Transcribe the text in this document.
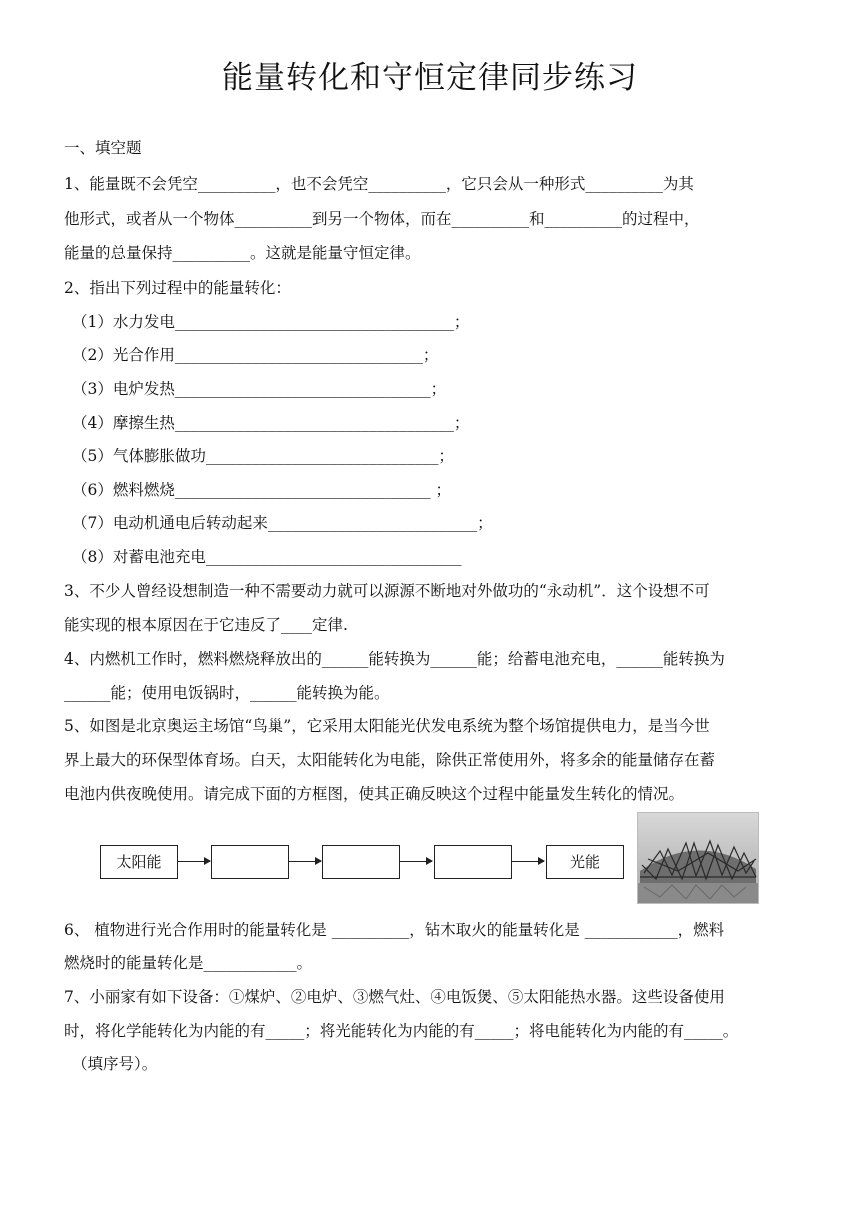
能量转化和守恒定律同步练习
一、填空题
1、能量既不会凭空__________，也不会凭空__________，它只会从一种形式__________为其
他形式，或者从一个物体__________到另一个物体，而在__________和__________的过程中，
能量的总量保持__________。这就是能量守恒定律。
2、指出下列过程中的能量转化：
（1）水力发电____________________________________；
（2）光合作用________________________________；
（3）电炉发热_________________________________；
（4）摩擦生热____________________________________；
（5）气体膨胀做功______________________________；
（6）燃料燃烧_________________________________ ；
（7）电动机通电后转动起来___________________________；
（8）对蓄电池充电_________________________________
3、不少人曾经设想制造一种不需要动力就可以源源不断地对外做功的“永动机”．这个设想不可
能实现的根本原因在于它违反了____定律.
4、内燃机工作时，燃料燃烧释放出的______能转换为______能；给蓄电池充电，______能转换为
______能；使用电饭锅时，______能转换为能。
5、如图是北京奥运主场馆“鸟巢”，它采用太阳能光伏发电系统为整个场馆提供电力，是当今世
界上最大的环保型体育场。白天，太阳能转化为电能，除供正常使用外，将多余的能量储存在蓄
电池内供夜晚使用。请完成下面的方框图，使其正确反映这个过程中能量发生转化的情况。
太阳能	光能
6、 植物进行光合作用时的能量转化是 __________，钻木取火的能量转化是 ____________，燃料
燃烧时的能量转化是____________。
7、小丽家有如下设备：①煤炉、②电炉、③燃气灶、④电饭煲、⑤太阳能热水器。这些设备使用
时，将化学能转化为内能的有_____；将光能转化为内能的有_____；将电能转化为内能的有_____。
（填序号）。
